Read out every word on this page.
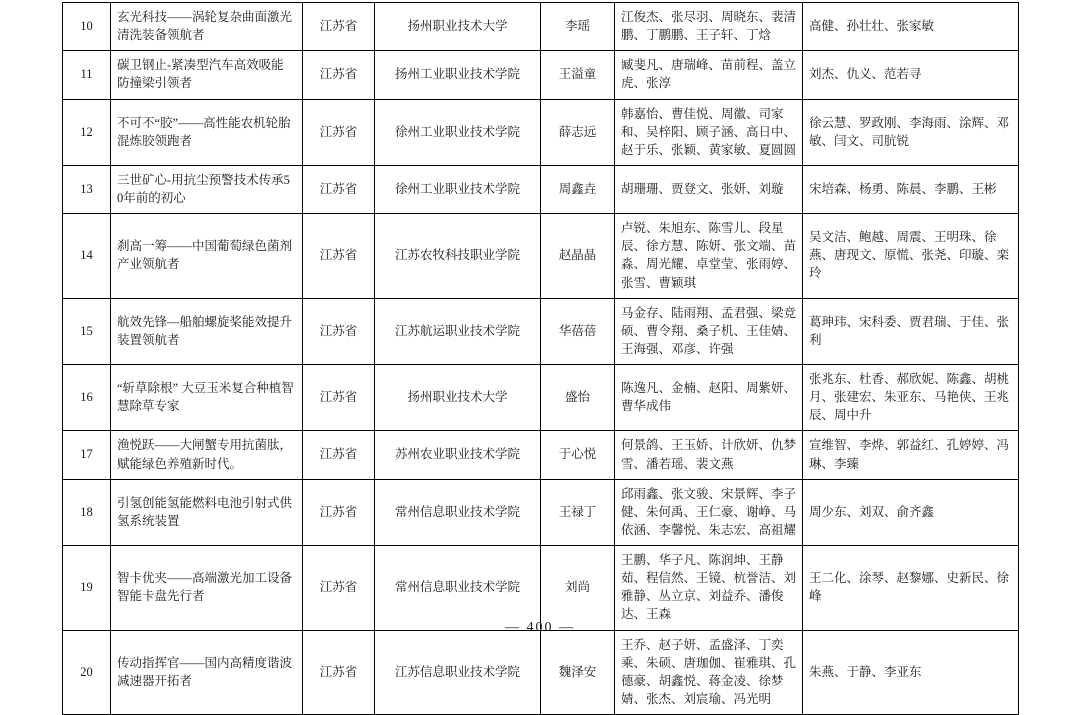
10	玄光科技——涡轮复杂曲面激光清洗装备领航者	江苏省	扬州职业技术大学	李瑶	江俊杰、张尽羽、周晓东、裴清鹏、丁鹏鹏、王子轩、丁焓	高健、孙壮壮、张家敏
11	碳卫钢止-紧凑型汽车高效吸能防撞梁引领者	江苏省	扬州工业职业技术学院	王溢童	臧斐凡、唐瑞峰、苗前程、盖立虎、张淳	刘杰、仇义、范若寻
12	不可不“胶”——高性能农机轮胎混炼胶领跑者	江苏省	徐州工业职业技术学院	薛志远	韩嘉怡、曹佳悦、周徽、司家和、吴梓阳、顾子涵、高日中、赵于乐、张颖、黄家敏、夏圆圆	徐云慧、罗政刚、李海雨、涂辉、邓敏、闫文、司肮锐
13	三世矿心-用抗尘预警技术传承50年前的初心	江苏省	徐州工业职业技术学院	周鑫垚	胡珊珊、贾登文、张妍、刘璇	宋培森、杨勇、陈晨、李鹏、王彬
14	刹高一筹——中国葡萄绿色菌剂产业领航者	江苏省	江苏农牧科技职业学院	赵晶晶	卢锐、朱旭东、陈雪儿、段星辰、徐方慧、陈妍、张文端、苗淼、周光耀、卓堂莹、张雨婷、张雪、曹颖琪	吴文洁、鲍越、周震、王明珠、徐燕、唐现文、原慌、张尧、印璇、栾玲
15	航效先锋—船舶螺旋桨能效提升装置领航者	江苏省	江苏航运职业技术学院	华蓓蓓	马金存、陆雨翔、孟君强、梁竞硕、曹令翔、桑子机、王佳婧、王海强、邓彦、许强	葛珅玮、宋科委、贾君瑞、于佳、张利
16	“斩草除根” 大豆玉米复合种植智慧除草专家	江苏省	扬州职业技术大学	盛怡	陈逸凡、金楠、赵阳、周紫妍、曹华成伟	张兆东、杜香、郝欣妮、陈鑫、胡桃月、张建宏、朱亚东、马艳侠、王兆辰、周中升
17	渔悦跃——大闸蟹专用抗菌肽，赋能绿色养殖新时代。	江苏省	苏州农业职业技术学院	于心悦	何景鸽、王玉娇、计欣妍、仇梦雪、潘若瑶、裴文燕	宣维智、李烨、郭益红、孔婷婷、冯琳、李臻
18	引氢创能氢能燃料电池引射式供氢系统装置	江苏省	常州信息职业技术学院	王禄丁	邱雨鑫、张文骏、宋景辉、李子健、朱何禹、王仁豪、谢峥、马依涵、李馨悦、朱志宏、高祖耀	周少东、刘双、俞齐鑫
19	智卡优夹——高端激光加工设备智能卡盘先行者	江苏省	常州信息职业技术学院	刘尚	王鹏、华子凡、陈润坤、王静茹、程信然、王镜、杭誉洁、刘雅静、丛立京、刘益乔、潘俊达、王森	王二化、涂琴、赵黎娜、史新民、徐峰
20	传动指挥官——国内高精度谐波减速器开拓者	江苏省	江苏信息职业技术学院	魏泽安	王乔、赵子妍、孟盛泽、丁奕乘、朱硕、唐珈伽、崔雅琪、孔德豪、胡鑫悦、蒋金凌、徐梦婧、张杰、刘宸瑜、冯光明	朱燕、于静、李亚东
— 400 —
